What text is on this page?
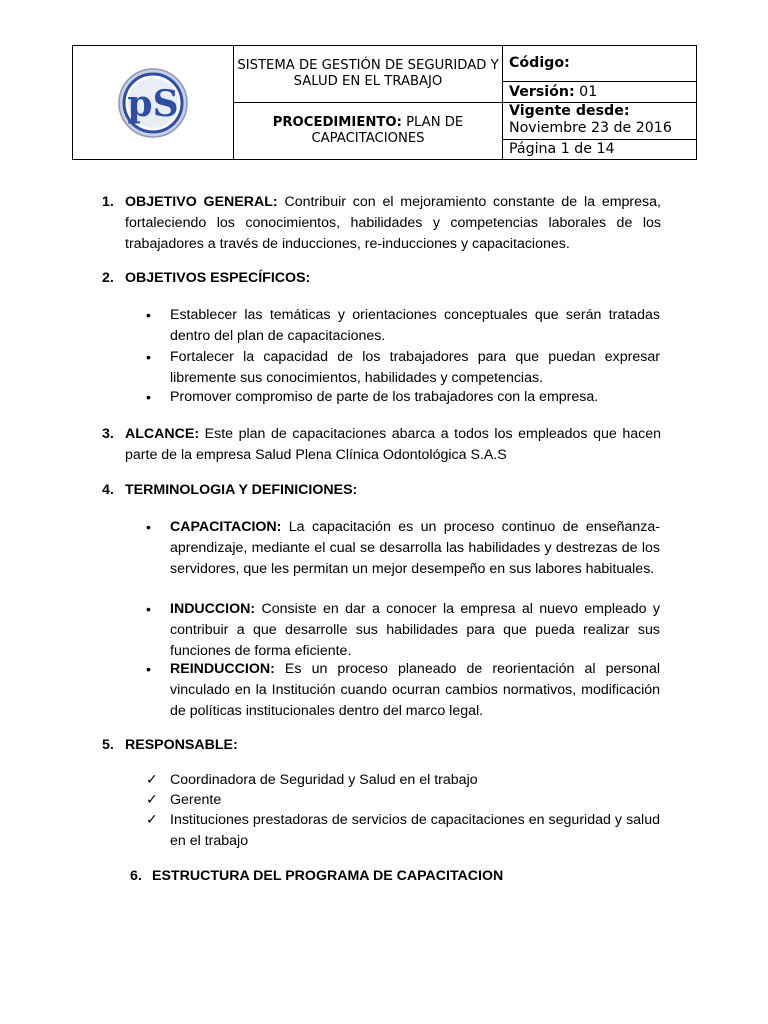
pS	SISTEMA DE GESTIÓN DE SEGURIDAD Y SALUD EN EL TRABAJO	Código:
		Versión: 01
	PROCEDIMIENTO: PLAN DE CAPACITACIONES	Vigente desde:
Noviembre 23 de 2016
Página 1 de 14
1. OBJETIVO GENERAL: Contribuir con el mejoramiento constante de la empresa, fortaleciendo los conocimientos, habilidades y competencias laborales de los trabajadores a través de inducciones, re-inducciones y capacitaciones.

2. OBJETIVOS ESPECÍFICOS:

• Establecer las temáticas y orientaciones conceptuales que serán tratadas dentro del plan de capacitaciones.

• Fortalecer la capacidad de los trabajadores para que puedan expresar libremente sus conocimientos, habilidades y competencias.

• Promover compromiso de parte de los trabajadores con la empresa.

3. ALCANCE: Este plan de capacitaciones abarca a todos los empleados que hacen parte de la empresa Salud Plena Clínica Odontológica S.A.S

4. TERMINOLOGIA Y DEFINICIONES:

• CAPACITACION: La capacitación es un proceso continuo de enseñanza-aprendizaje, mediante el cual se desarrolla las habilidades y destrezas de los servidores, que les permitan un mejor desempeño en sus labores habituales.

• INDUCCION: Consiste en dar a conocer la empresa al nuevo empleado y contribuir a que desarrolle sus habilidades para que pueda realizar sus funciones de forma eficiente.

• REINDUCCION: Es un proceso planeado de reorientación al personal vinculado en la Institución cuando ocurran cambios normativos, modificación de políticas institucionales dentro del marco legal.

5. RESPONSABLE:

✓ Coordinadora de Seguridad y Salud en el trabajo

✓ Gerente

✓ Instituciones prestadoras de servicios de capacitaciones en seguridad y salud en el trabajo

6. ESTRUCTURA DEL PROGRAMA DE CAPACITACION
